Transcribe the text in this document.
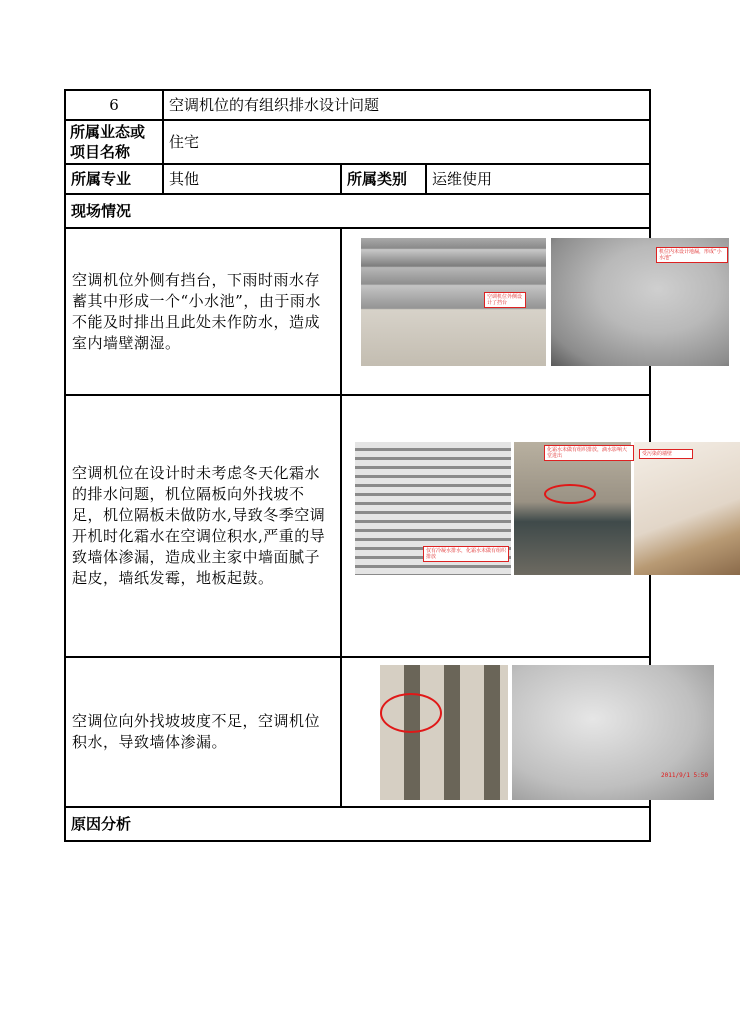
6	空调机位的有组织排水设计问题		
所属业态或项目名称	住宅		
所属专业	其他	所属类别	运维使用
现场情况			
空调机位外侧有挡台，下雨时雨水存蓄其中形成一个“小水池”，由于雨水不能及时排出且此处未作防水，造成室内墙壁潮湿。		空调机位外侧设计了挡台
机位内未设计地漏，形成“小水池”	

空调机位在设计时未考虑冬天化霜水的排水问题，机位隔板向外找坡不足，机位隔板未做防水,导致冬季空调开机时化霜水在空调位积水,严重的导致墙体渗漏，造成业主家中墙面腻子起皮，墙纸发霉，地板起鼓。		仅有冷凝水排水，化霜水未做有组织排放
化霜水未做有组织排放，滴水影响大堂进出 受污染的墙壁	

空调位向外找坡坡度不足，空调机位积水，导致墙体渗漏。		2011/9/1 5:50	

原因分析			
